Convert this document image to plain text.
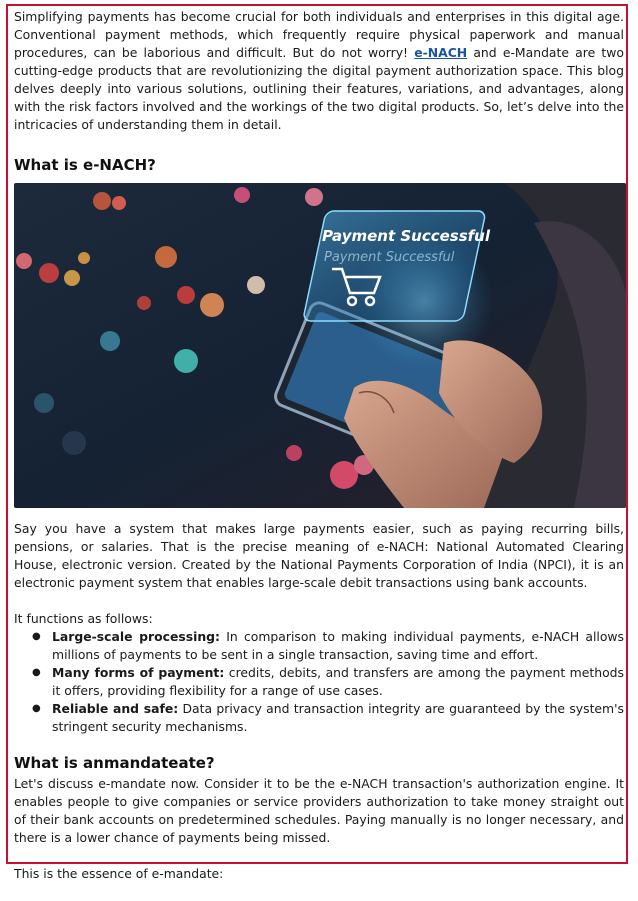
Simplifying payments has become crucial for both individuals and enterprises in this digital age. Conventional payment methods, which frequently require physical paperwork and manual procedures, can be laborious and difficult. But do not worry! e-NACH and e-Mandate are two cutting-edge products that are revolutionizing the digital payment authorization space. This blog delves deeply into various solutions, outlining their features, variations, and advantages, along with the risk factors involved and the workings of the two digital products. So, let’s delve into the intricacies of understanding them in detail.

What is e-NACH?
Payment Successful
Payment Successful

Say you have a system that makes large payments easier, such as paying recurring bills, pensions, or salaries. That is the precise meaning of e-NACH: National Automated Clearing House, electronic version. Created by the National Payments Corporation of India (NPCI), it is an electronic payment system that enables large-scale debit transactions using bank accounts.

It functions as follows:

● Large-scale processing: In comparison to making individual payments, e-NACH allows millions of payments to be sent in a single transaction, saving time and effort.
● Many forms of payment: credits, debits, and transfers are among the payment methods it offers, providing flexibility for a range of use cases.
● Reliable and safe: Data privacy and transaction integrity are guaranteed by the system's stringent security mechanisms.
What is anmandateate?

Let's discuss e-mandate now. Consider it to be the e-NACH transaction's authorization engine. It enables people to give companies or service providers authorization to take money straight out of their bank accounts on predetermined schedules. Paying manually is no longer necessary, and there is a lower chance of payments being missed.

This is the essence of e-mandate:
